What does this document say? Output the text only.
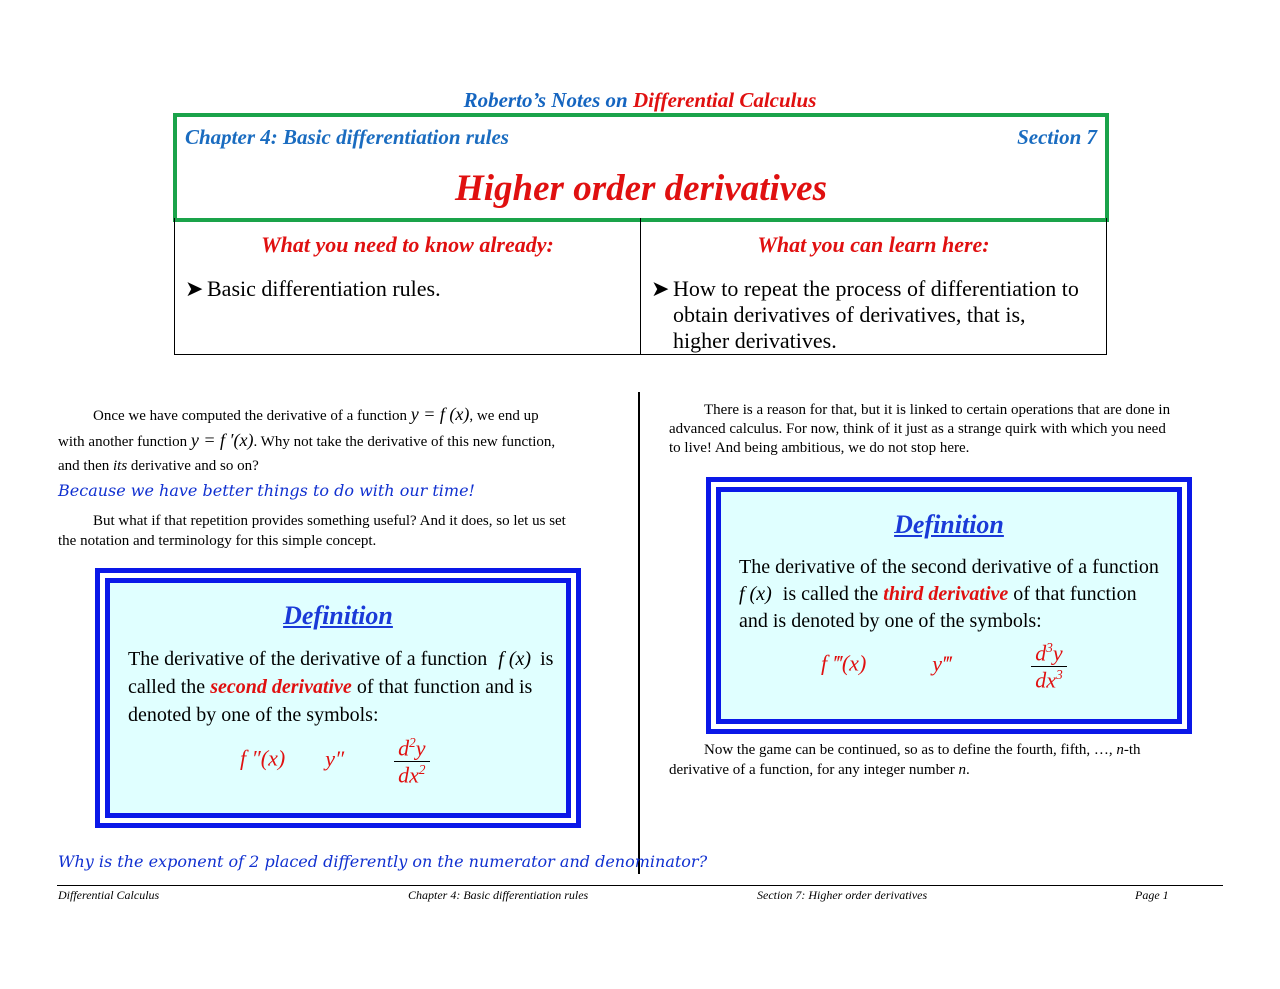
Roberto’s Notes on Differential Calculus
Chapter 4: Basic differentiation rules	Section 7
Higher order derivatives
What you need to know already:
➤ Basic differentiation rules.
What you can learn here:
➤ How to repeat the process of differentiation to
obtain derivatives of derivatives, that is,
higher derivatives.
Once we have computed the derivative of a function y = f (x), we end up
with another function y = f ′(x). Why not take the derivative of this new function,
and then its derivative and so on?
Because we have better things to do with our time!
But what if that repetition provides something useful? And it does, so let us set
the notation and terminology for this simple concept.
Definition
The derivative of the derivative of a function f (x) is
called the second derivative of that function and is
denoted by one of the symbols:
f ″(x) $y'' \frac{d^2y}{dx^2}$
Why is the exponent of 2 placed differently on the numerator and denominator?
There is a reason for that, but it is linked to certain operations that are done in
advanced calculus. For now, think of it just as a strange quirk with which you need
to live! And being ambitious, we do not stop here.
Definition
The derivative of the second derivative of a function
f (x) is called the third derivative of that function
and is denoted by one of the symbols:
f ‴(x)	y‴	$\frac{d^3y}{dx^3}$
Now the game can be continued, so as to define the fourth, fifth, …, n-th
derivative of a function, for any integer number n.
Differential Calculus	Chapter 4: Basic differentiation rules	Section 7: Higher order derivatives	Page 1
